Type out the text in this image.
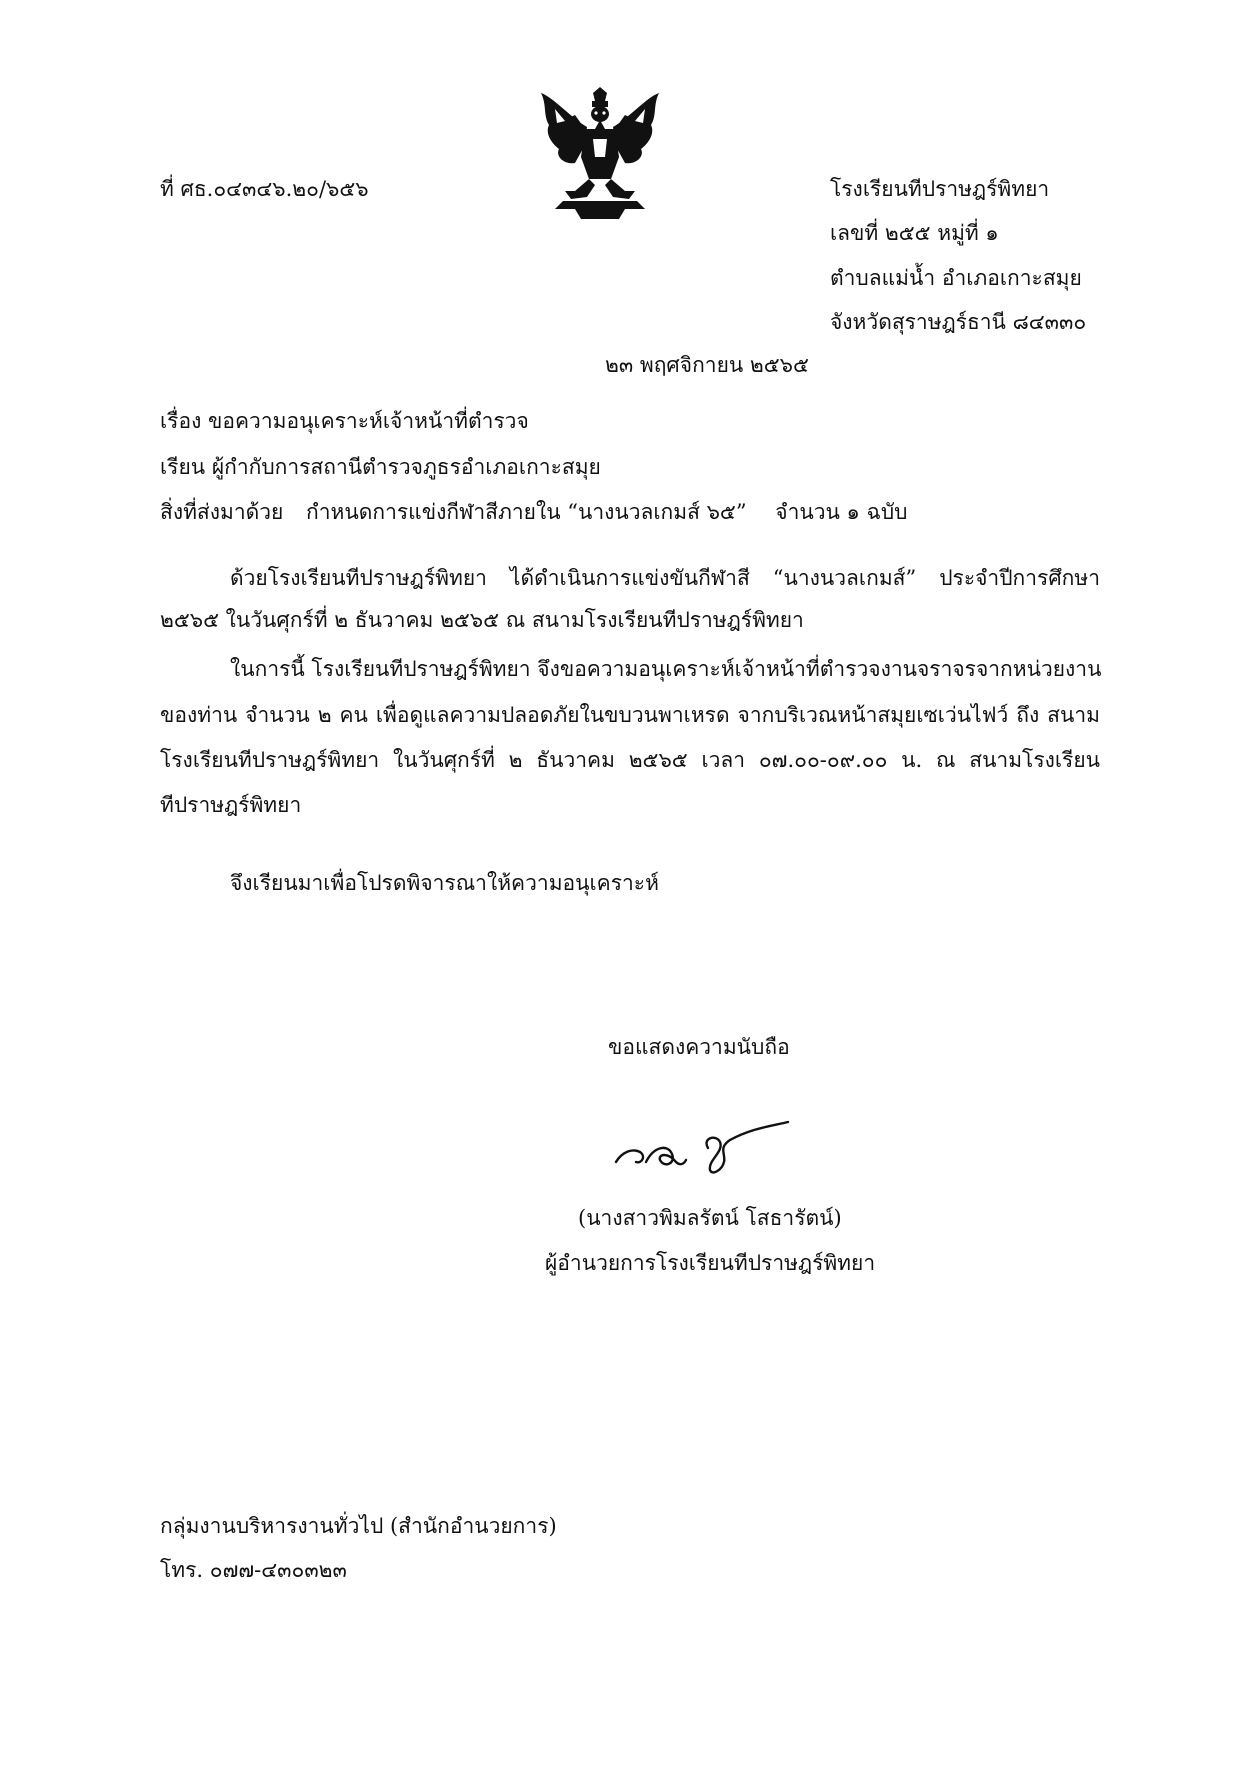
ที่ ศธ.๐๔๓๔๖.๒๐/๖๕๖	โรงเรียนทีปราษฎร์พิทยา
เลขที่ ๒๕๕ หมู่ที่ ๑
ตำบลแม่น้ำ อำเภอเกาะสมุย
จังหวัดสุราษฎร์ธานี ๘๔๓๓๐
๒๓ พฤศจิกายน ๒๕๖๕
เรื่อง ขอความอนุเคราะห์เจ้าหน้าที่ตำรวจ
เรียน ผู้กำกับการสถานีตำรวจภูธรอำเภอเกาะสมุย
สิ่งที่ส่งมาด้วย กำหนดการแข่งกีฬาสีภายใน “นางนวลเกมส์ ๖๕” จำนวน ๑ ฉบับ
ด้วยโรงเรียนทีปราษฎร์พิทยา ได้ดำเนินการแข่งขันกีฬาสี “นางนวลเกมส์” ประจำปีการศึกษา
๒๕๖๕ ในวันศุกร์ที่ ๒ ธันวาคม ๒๕๖๕ ณ สนามโรงเรียนทีปราษฎร์พิทยา
ในการนี้ โรงเรียนทีปราษฎร์พิทยา จึงขอความอนุเคราะห์เจ้าหน้าที่ตำรวจงานจราจรจากหน่วยงาน
ของท่าน จำนวน ๒ คน เพื่อดูแลความปลอดภัยในขบวนพาเหรด จากบริเวณหน้าสมุยเซเว่นไฟว์ ถึง สนาม
โรงเรียนทีปราษฎร์พิทยา ในวันศุกร์ที่ ๒ ธันวาคม ๒๕๖๕ เวลา ๐๗.๐๐-๐๙.๐๐ น. ณ สนามโรงเรียน
ทีปราษฎร์พิทยา
จึงเรียนมาเพื่อโปรดพิจารณาให้ความอนุเคราะห์
ขอแสดงความนับถือ
(นางสาวพิมลรัตน์ โสธารัตน์)
ผู้อำนวยการโรงเรียนทีปราษฎร์พิทยา
กลุ่มงานบริหารงานทั่วไป (สำนักอำนวยการ)
โทร. ๐๗๗-๔๓๐๓๒๓
